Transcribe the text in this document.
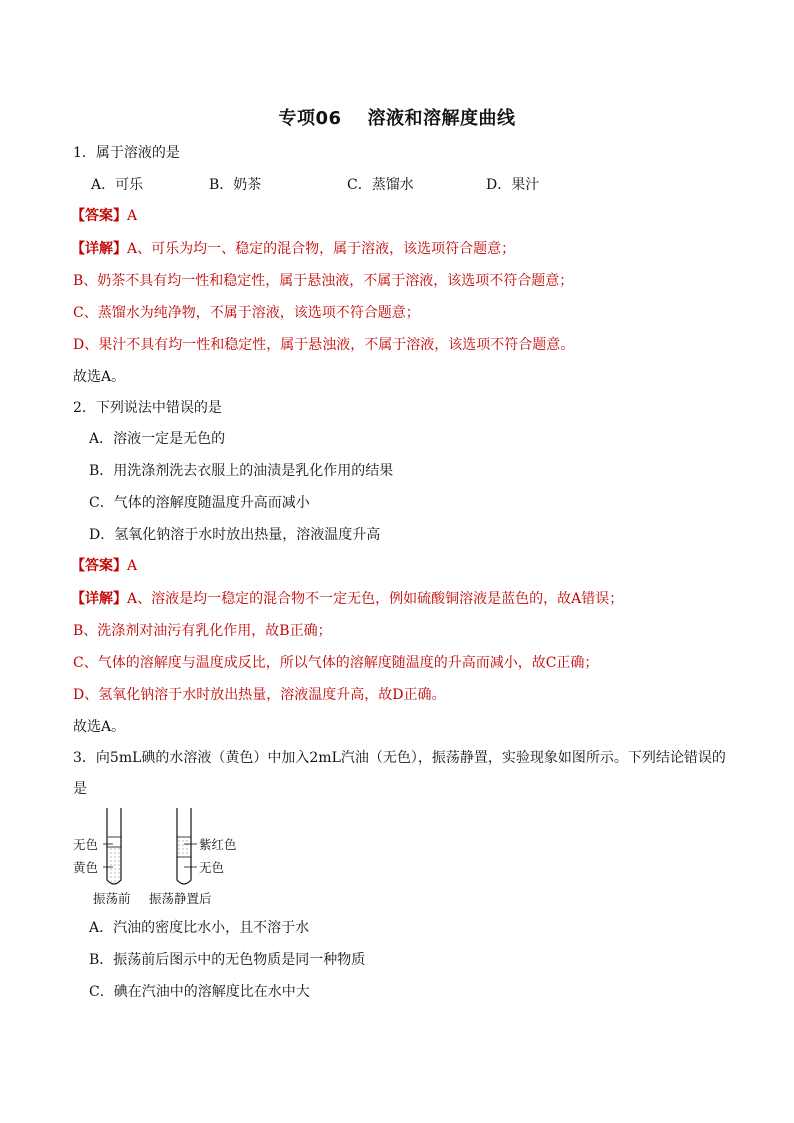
专项06 溶液和溶解度曲线
1．属于溶液的是
A．可乐	B．奶茶	C．蒸馏水	D．果汁
【答案】A
【详解】A、可乐为均一、稳定的混合物，属于溶液，该选项符合题意；
B、奶茶不具有均一性和稳定性，属于悬浊液，不属于溶液，该选项不符合题意；
C、蒸馏水为纯净物，不属于溶液，该选项不符合题意；
D、果汁不具有均一性和稳定性，属于悬浊液，不属于溶液，该选项不符合题意。
故选A。
2．下列说法中错误的是
A．溶液一定是无色的
B．用洗涤剂洗去衣服上的油渍是乳化作用的结果
C．气体的溶解度随温度升高而减小
D．氢氧化钠溶于水时放出热量，溶液温度升高
【答案】A
【详解】A、溶液是均一稳定的混合物不一定无色，例如硫酸铜溶液是蓝色的，故A错误；
B、洗涤剂对油污有乳化作用，故B正确；
C、气体的溶解度与温度成反比，所以气体的溶解度随温度的升高而减小，故C正确；
D、氢氧化钠溶于水时放出热量，溶液温度升高，故D正确。
故选A。
3．向5mL碘的水溶液（黄色）中加入2mL汽油（无色），振荡静置，实验现象如图所示。下列结论错误的
是
无色
黄色
紫红色
无色
振荡前 振荡静置后
A．汽油的密度比水小，且不溶于水
B．振荡前后图示中的无色物质是同一种物质
C．碘在汽油中的溶解度比在水中大
